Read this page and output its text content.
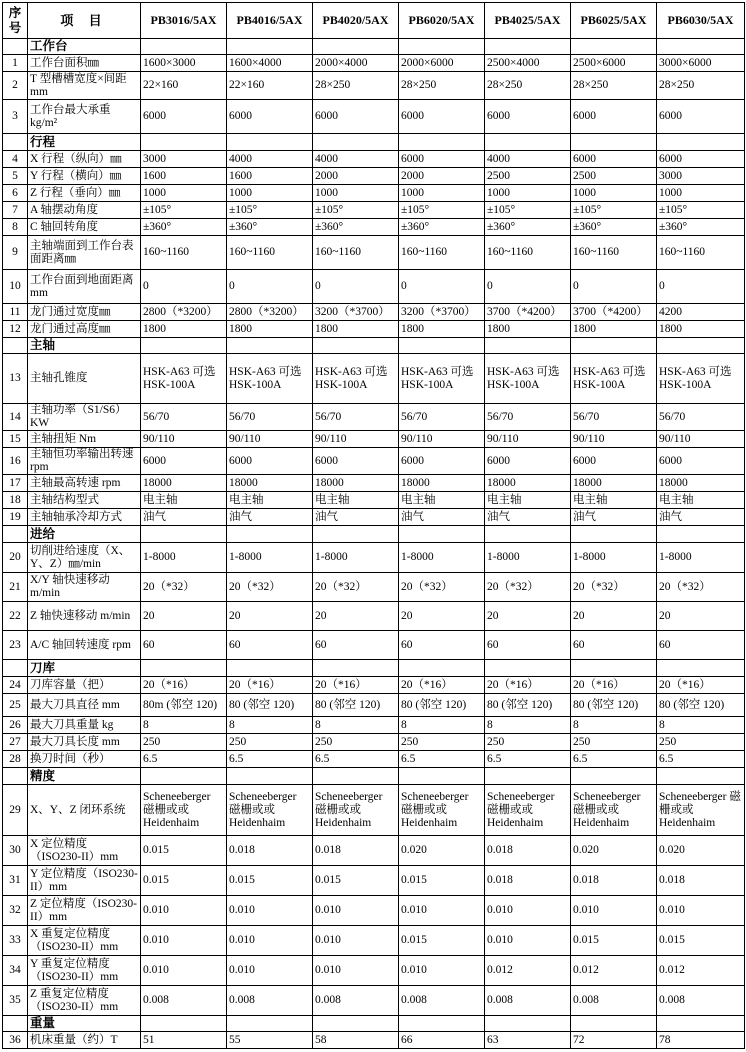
序
号	项 目	PB3016/5AX	PB4016/5AX	PB4020/5AX	PB6020/5AX	PB4025/5AX	PB6025/5AX	PB6030/5AX
	工作台							
1	工作台面积㎜	1600×3000	1600×4000	2000×4000	2000×6000	2500×4000	2500×6000	3000×6000
2	T 型槽槽宽度×间距 mm	22×160	22×160	28×250	28×250	28×250	28×250	28×250
3	工作台最大承重 kg/m²	6000	6000	6000	6000	6000	6000	6000
	行程							
4	X 行程（纵向）㎜	3000	4000	4000	6000	4000	6000	6000
5	Y 行程（横向）㎜	1600	1600	2000	2000	2500	2500	3000
6	Z 行程（垂向）㎜	1000	1000	1000	1000	1000	1000	1000
7	A 轴摆动角度	±105°	±105°	±105°	±105°	±105°	±105°	±105°
8	C 轴回转角度	±360°	±360°	±360°	±360°	±360°	±360°	±360°
9	主轴端面到工作台表面距离㎜	160~1160	160~1160	160~1160	160~1160	160~1160	160~1160	160~1160
10	工作台面到地面距离 mm	0	0	0	0	0	0	0
11	龙门通过宽度㎜	2800（*3200）	2800（*3200）	3200（*3700）	3200（*3700）	3700（*4200）	3700（*4200）	4200
12	龙门通过高度㎜	1800	1800	1800	1800	1800	1800	1800
	主轴							
13	主轴孔锥度	HSK-A63 可选 HSK-100A	HSK-A63 可选 HSK-100A	HSK-A63 可选 HSK-100A	HSK-A63 可选 HSK-100A	HSK-A63 可选 HSK-100A	HSK-A63 可选 HSK-100A	HSK-A63 可选 HSK-100A
14	主轴功率（S1/S6）KW	56/70	56/70	56/70	56/70	56/70	56/70	56/70
15	主轴扭矩 Nm	90/110	90/110	90/110	90/110	90/110	90/110	90/110
16	主轴恒功率输出转速 rpm	6000	6000	6000	6000	6000	6000	6000
17	主轴最高转速 rpm	18000	18000	18000	18000	18000	18000	18000
18	主轴结构型式	电主轴	电主轴	电主轴	电主轴	电主轴	电主轴	电主轴
19	主轴轴承冷却方式	油气	油气	油气	油气	油气	油气	油气
	进给							
20	切削进给速度（X、Y、Z）㎜/min	1-8000	1-8000	1-8000	1-8000	1-8000	1-8000	1-8000
21	X/Y 轴快速移动 m/min	20（*32）	20（*32）	20（*32）	20（*32）	20（*32）	20（*32）	20（*32）
22	Z 轴快速移动 m/min	20	20	20	20	20	20	20
23	A/C 轴回转速度 rpm	60	60	60	60	60	60	60
	刀库							
24	刀库容量（把）	20（*16）	20（*16）	20（*16）	20（*16）	20（*16）	20（*16）	20（*16）
25	最大刀具直径 mm	80m (邻空 120)	80 (邻空 120)	80 (邻空 120)	80 (邻空 120)	80 (邻空 120)	80 (邻空 120)	80 (邻空 120)
26	最大刀具重量 kg	8	8	8	8	8	8	8
27	最大刀具长度 mm	250	250	250	250	250	250	250
28	换刀时间（秒）	6.5	6.5	6.5	6.5	6.5	6.5	6.5
	精度							
29	X、Y、Z 闭环系统	Scheneeberger 磁栅或或 Heidenhaim	Scheneeberger 磁栅或或 Heidenhaim	Scheneeberger 磁栅或或 Heidenhaim	Scheneeberger 磁栅或或 Heidenhaim	Scheneeberger 磁栅或或 Heidenhaim	Scheneeberger 磁栅或或 Heidenhaim	Scheneeberger 磁栅或或 Heidenhaim
30	X 定位精度（ISO230-II）mm	0.015	0.018	0.018	0.020	0.018	0.020	0.020
31	Y 定位精度（ISO230-II）mm	0.015	0.015	0.015	0.015	0.018	0.018	0.018
32	Z 定位精度（ISO230-II）mm	0.010	0.010	0.010	0.010	0.010	0.010	0.010
33	X 重复定位精度（ISO230-II）mm	0.010	0.010	0.010	0.015	0.010	0.015	0.015
34	Y 重复定位精度（ISO230-II）mm	0.010	0.010	0.010	0.010	0.012	0.012	0.012
35	Z 重复定位精度（ISO230-II）mm	0.008	0.008	0.008	0.008	0.008	0.008	0.008
	重量							
36	机床重量（约）T	51	55	58	66	63	72	78
